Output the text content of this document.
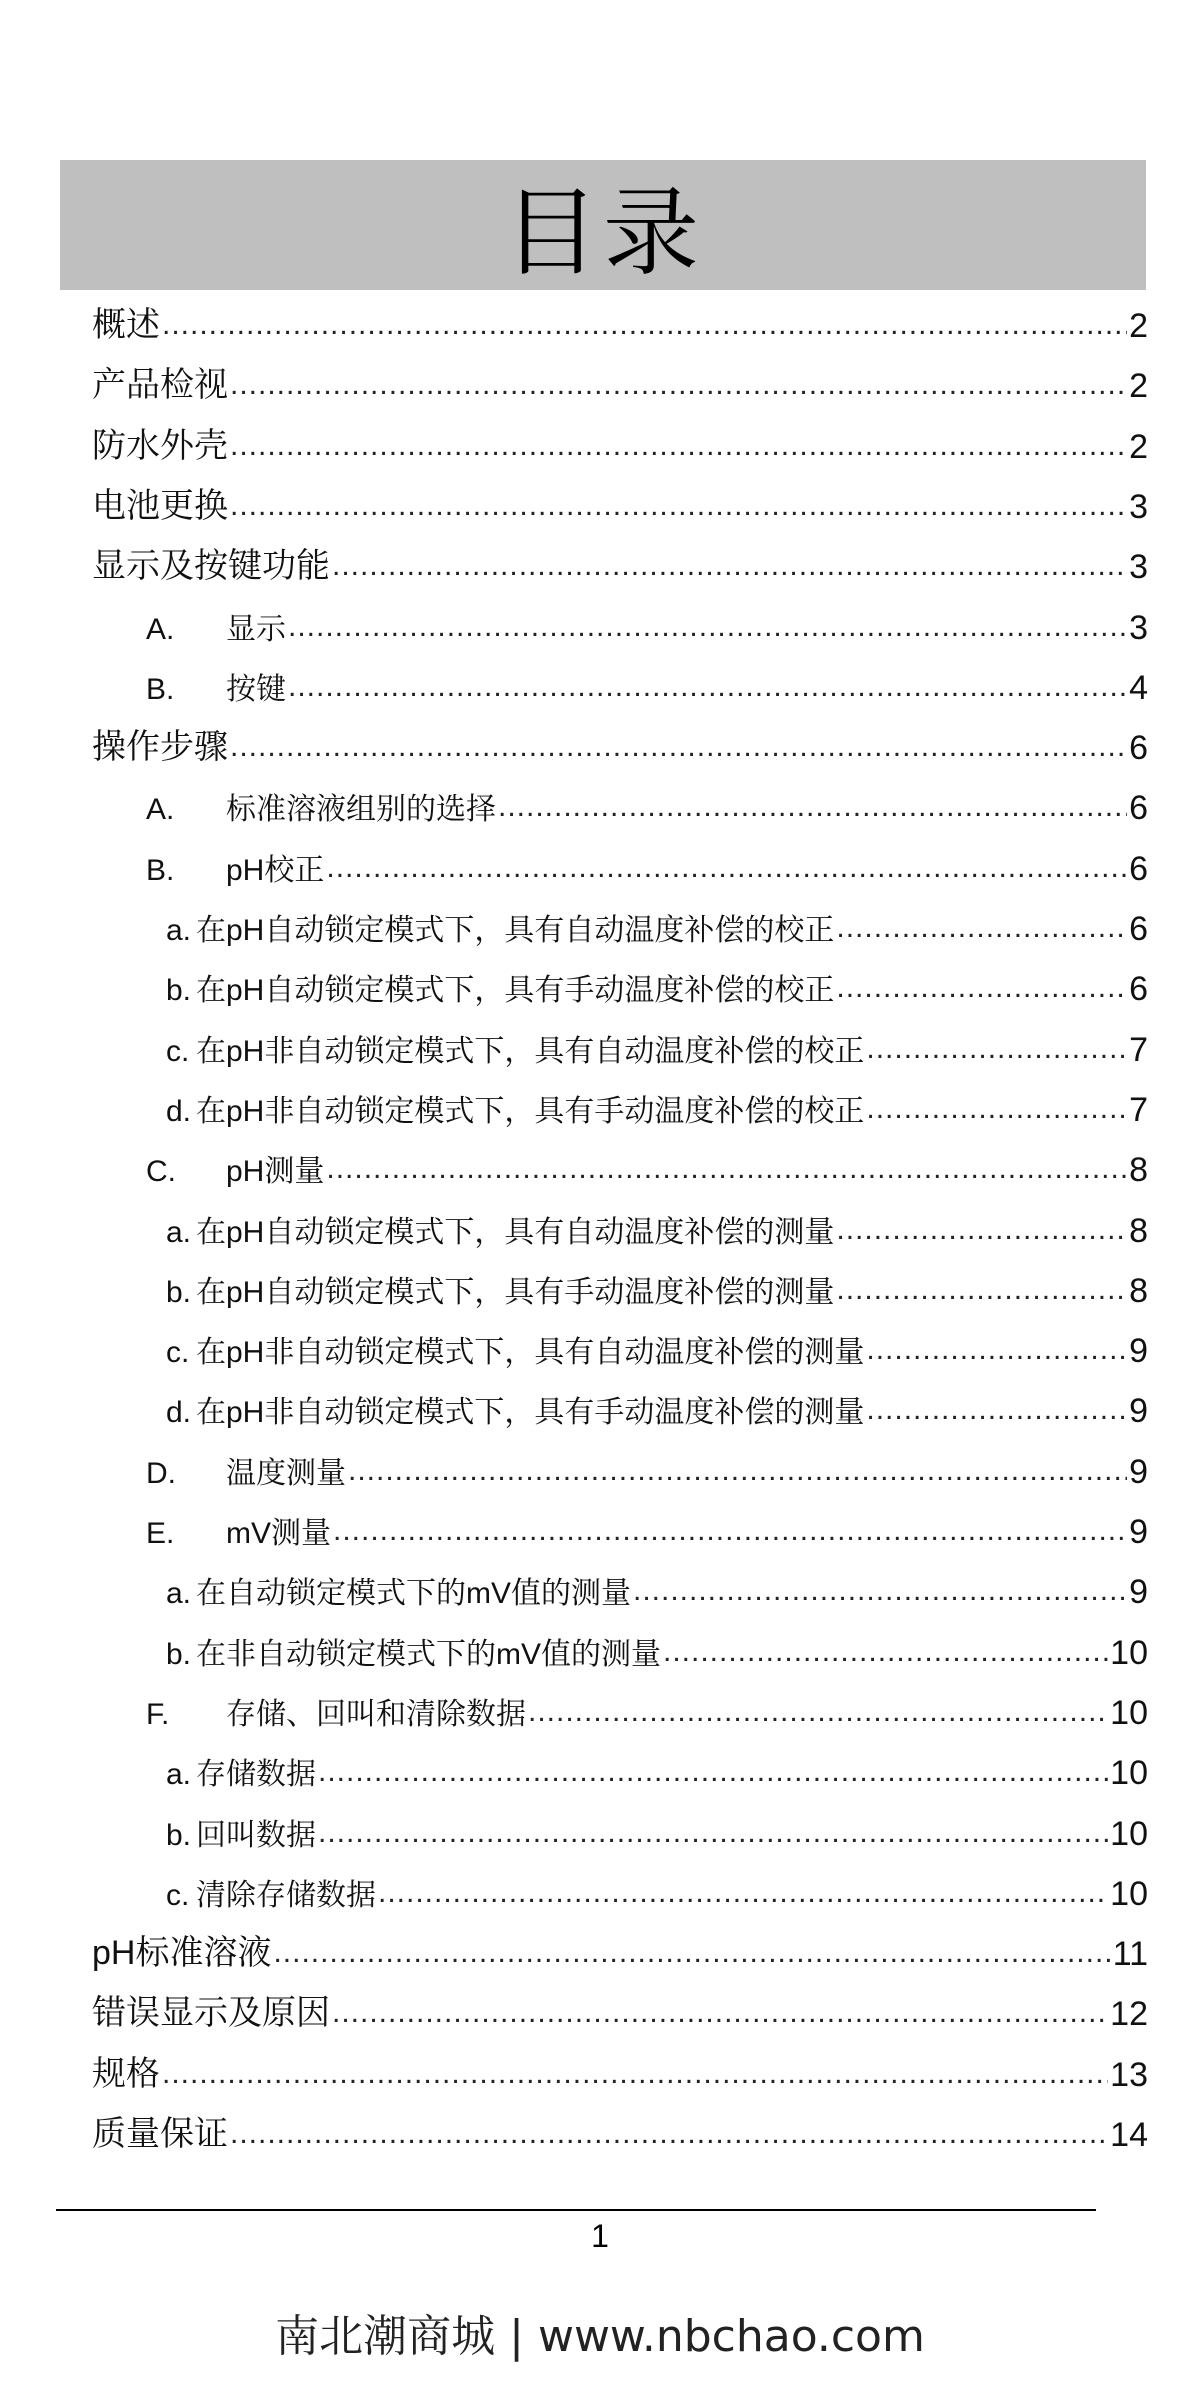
目录
概述 .....	2
产品检视 .....	2
防水外壳 .....	2
电池更换 .....	3
显示及按键功能 .....	3
A. 显示 .....	3
B. 按键 .....	4
操作步骤 .....	6
A. 标准溶液组别的选择 .....	6
B. pH校正 .....	6
a. 在pH自动锁定模式下，具有自动温度补偿的校正 .....	6
b. 在pH自动锁定模式下，具有手动温度补偿的校正 .....	6
c. 在pH非自动锁定模式下，具有自动温度补偿的校正 .....	7
d. 在pH非自动锁定模式下，具有手动温度补偿的校正 .....	7
C. pH测量 .....	8
a. 在pH自动锁定模式下，具有自动温度补偿的测量 .....	8
b. 在pH自动锁定模式下，具有手动温度补偿的测量 .....	8
c. 在pH非自动锁定模式下，具有自动温度补偿的测量 .....	9
d. 在pH非自动锁定模式下，具有手动温度补偿的测量 .....	9
D. 温度测量 .....	9
E. mV测量 .....	9
a. 在自动锁定模式下的mV值的测量 .....	9
b. 在非自动锁定模式下的mV值的测量 .....	10
F. 存储、回叫和清除数据 .....	10
a. 存储数据 .....	10
b. 回叫数据 .....	10
c. 清除存储数据 .....	10
pH标准溶液 .....	11
错误显示及原因 .....	12
规格 .....	13
质量保证 .....	14
1
南北潮商城 | www.nbchao.com
